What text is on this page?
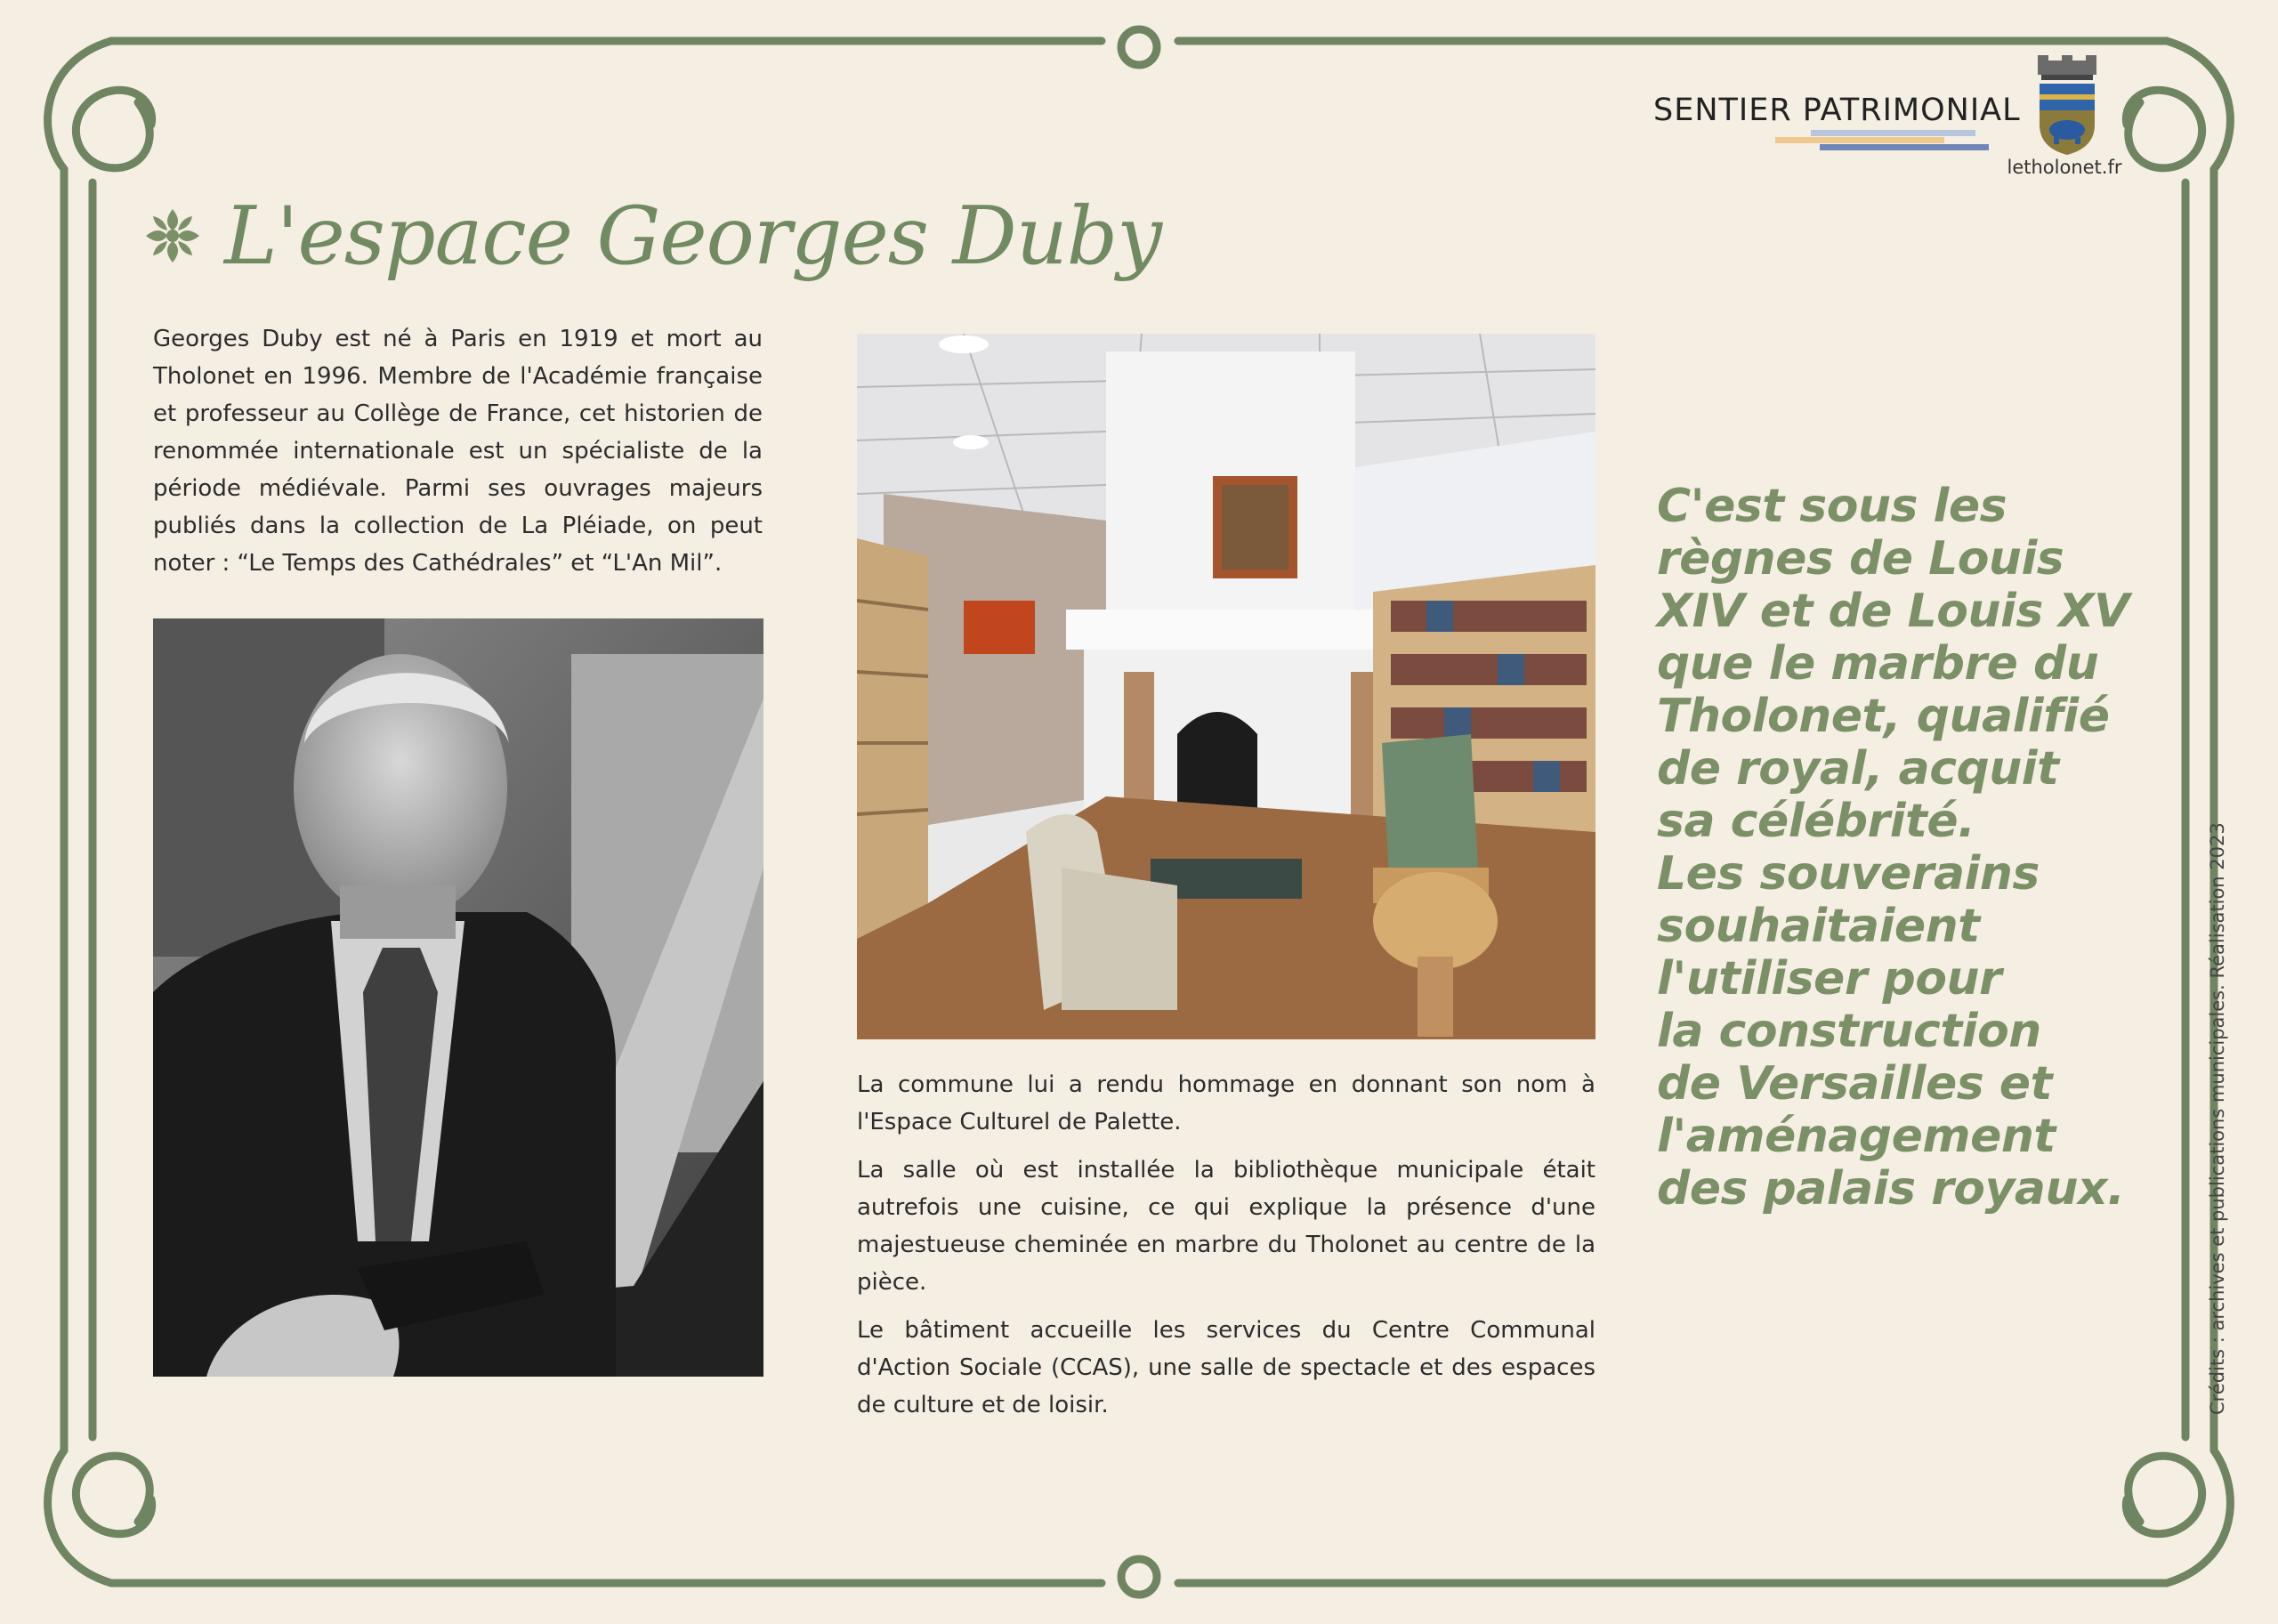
SENTIER PATRIMONIAL
letholonet.fr
L'espace Georges Duby

Georges Duby est né à Paris en 1919 et mort au Tholonet en 1996. Membre de l'Académie française et professeur au Collège de France, cet historien de renommée internationale est un spécialiste de la période médiévale. Parmi ses ouvrages majeurs publiés dans la collection de La Pléiade, on peut noter : “Le Temps des Cathédrales” et “L'An Mil”.

La commune lui a rendu hommage en donnant son nom à l'Espace Culturel de Palette.

La salle où est installée la bibliothèque municipale était autrefois une cuisine, ce qui explique la présence d'une majestueuse cheminée en marbre du Tholonet au centre de la pièce.

Le bâtiment accueille les services du Centre Communal d'Action Sociale (CCAS), une salle de spectacle et des espaces de culture et de loisir.

C'est sous les
règnes de Louis
XIV et de Louis XV
que le marbre du
Tholonet, qualifié
de royal, acquit
sa célébrité.
Les souverains
souhaitaient
l'utiliser pour
la construction
de Versailles et
l'aménagement
des palais royaux.	Crédits : archives et publications municipales. Réalisation 2023
